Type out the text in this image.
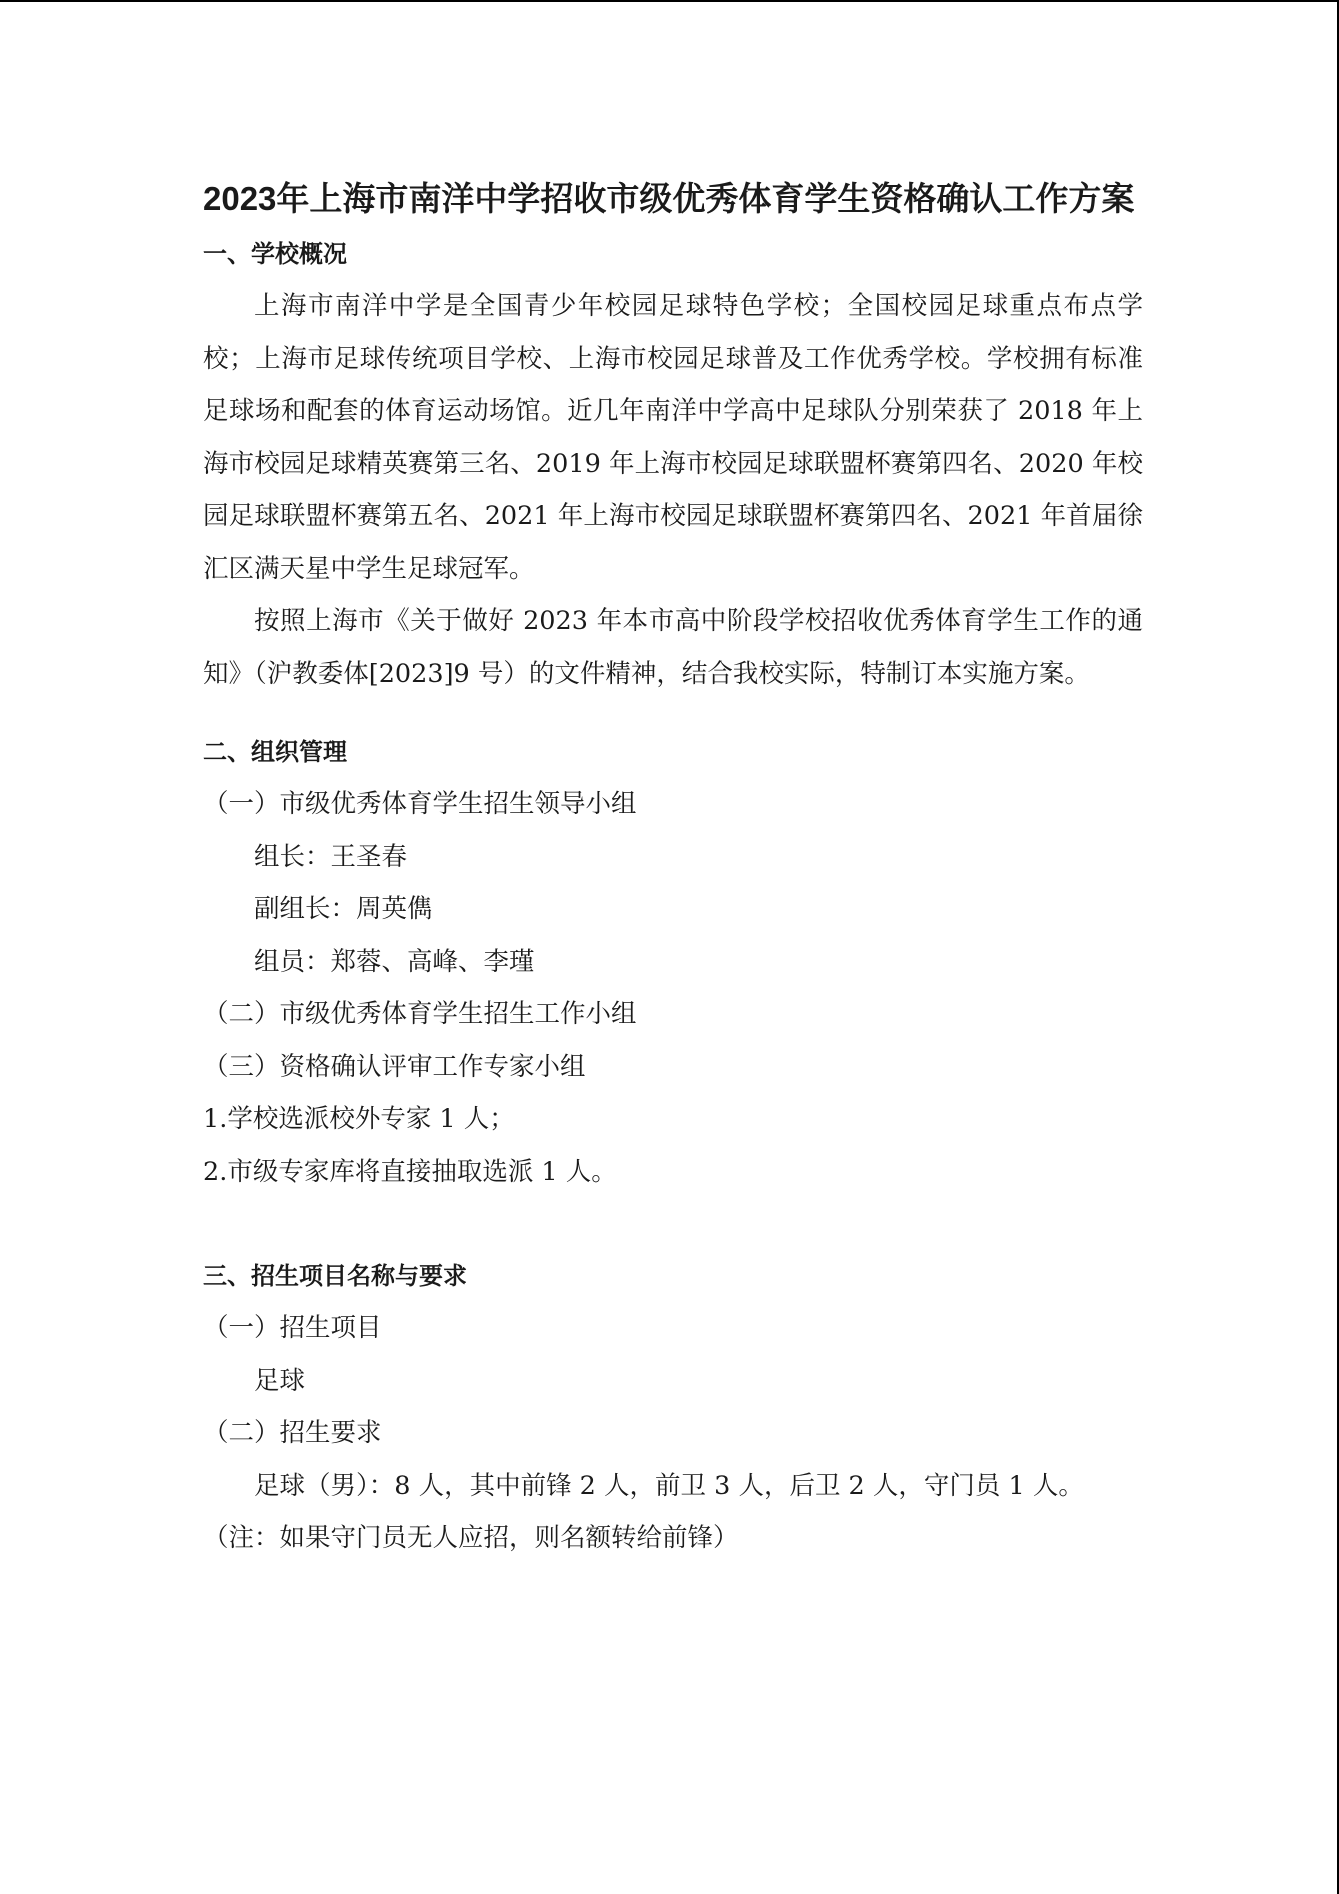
2023年上海市南洋中学招收市级优秀体育学生资格确认工作方案
一、学校概况

上海市南洋中学是全国青少年校园足球特色学校；全国校园足球重点布点学校；上海市足球传统项目学校、上海市校园足球普及工作优秀学校。学校拥有标准足球场和配套的体育运动场馆。近几年南洋中学高中足球队分别荣获了 2018 年上海市校园足球精英赛第三名、2019 年上海市校园足球联盟杯赛第四名、2020 年校园足球联盟杯赛第五名、2021 年上海市校园足球联盟杯赛第四名、2021 年首届徐汇区满天星中学生足球冠军。

按照上海市《关于做好 2023 年本市高中阶段学校招收优秀体育学生工作的通知》（沪教委体[2023]9 号）的文件精神，结合我校实际，特制订本实施方案。

二、组织管理
（一）市级优秀体育学生招生领导小组
组长：王圣春
副组长：周英儁
组员：郑蓉、高峰、李瑾
（二）市级优秀体育学生招生工作小组
（三）资格确认评审工作专家小组
1.学校选派校外专家 1 人；
2.市级专家库将直接抽取选派 1 人。
三、招生项目名称与要求
（一）招生项目
足球
（二）招生要求
足球（男）：8 人，其中前锋 2 人，前卫 3 人，后卫 2 人，守门员 1 人。
（注：如果守门员无人应招，则名额转给前锋）
